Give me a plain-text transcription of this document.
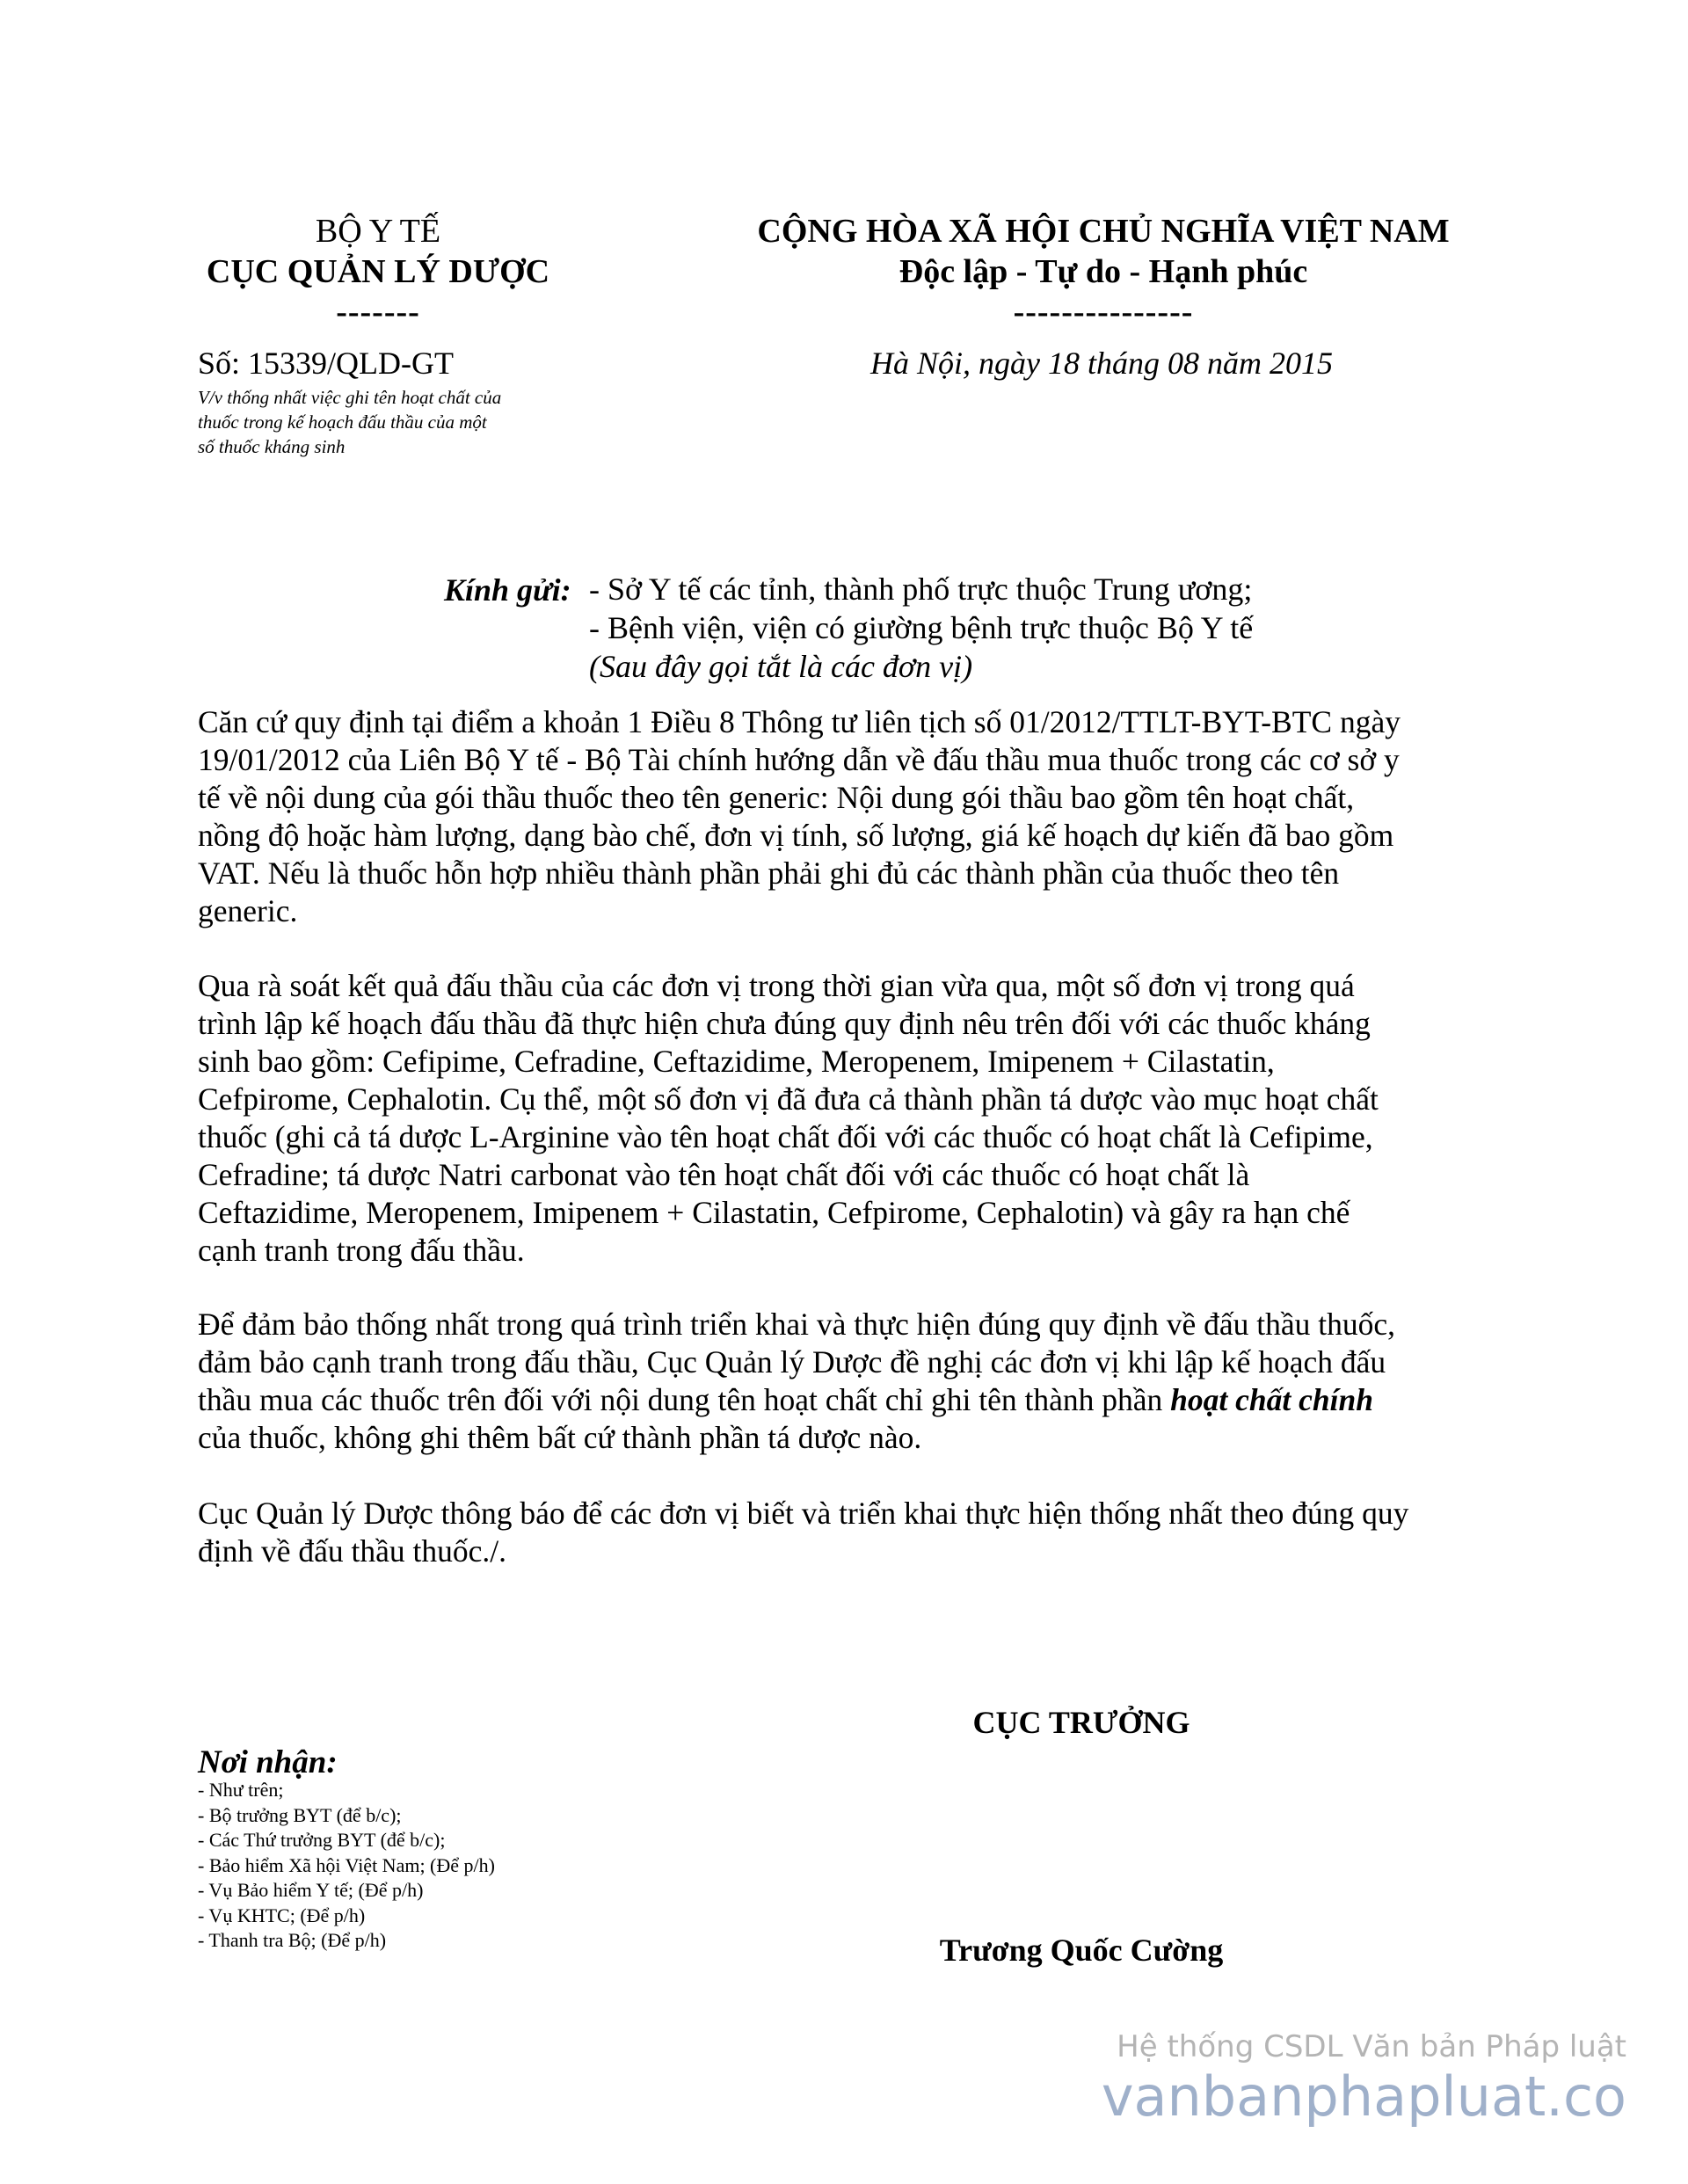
BỘ Y TẾ
CỤC QUẢN LÝ DƯỢC
-------
CỘNG HÒA XÃ HỘI CHỦ NGHĨA VIỆT NAM
Độc lập - Tự do - Hạnh phúc
---------------
Số: 15339/QLD-GT	Hà Nội, ngày 18 tháng 08 năm 2015
V/v thống nhất việc ghi tên hoạt chất của
thuốc trong kế hoạch đấu thầu của một
số thuốc kháng sinh
Kính gửi: - Sở Y tế các tỉnh, thành phố trực thuộc Trung ương;
- Bệnh viện, viện có giường bệnh trực thuộc Bộ Y tế
(Sau đây gọi tắt là các đơn vị)
Căn cứ quy định tại điểm a khoản 1 Điều 8 Thông tư liên tịch số 01/2012/TTLT-BYT-BTC ngày
19/01/2012 của Liên Bộ Y tế - Bộ Tài chính hướng dẫn về đấu thầu mua thuốc trong các cơ sở y
tế về nội dung của gói thầu thuốc theo tên generic: Nội dung gói thầu bao gồm tên hoạt chất,
nồng độ hoặc hàm lượng, dạng bào chế, đơn vị tính, số lượng, giá kế hoạch dự kiến đã bao gồm
VAT. Nếu là thuốc hỗn hợp nhiều thành phần phải ghi đủ các thành phần của thuốc theo tên
generic.
Qua rà soát kết quả đấu thầu của các đơn vị trong thời gian vừa qua, một số đơn vị trong quá
trình lập kế hoạch đấu thầu đã thực hiện chưa đúng quy định nêu trên đối với các thuốc kháng
sinh bao gồm: Cefipime, Cefradine, Ceftazidime, Meropenem, Imipenem + Cilastatin,
Cefpirome, Cephalotin. Cụ thể, một số đơn vị đã đưa cả thành phần tá dược vào mục hoạt chất
thuốc (ghi cả tá dược L-Arginine vào tên hoạt chất đối với các thuốc có hoạt chất là Cefipime,
Cefradine; tá dược Natri carbonat vào tên hoạt chất đối với các thuốc có hoạt chất là
Ceftazidime, Meropenem, Imipenem + Cilastatin, Cefpirome, Cephalotin) và gây ra hạn chế
cạnh tranh trong đấu thầu.
Để đảm bảo thống nhất trong quá trình triển khai và thực hiện đúng quy định về đấu thầu thuốc,
đảm bảo cạnh tranh trong đấu thầu, Cục Quản lý Dược đề nghị các đơn vị khi lập kế hoạch đấu
thầu mua các thuốc trên đối với nội dung tên hoạt chất chỉ ghi tên thành phần hoạt chất chính
của thuốc, không ghi thêm bất cứ thành phần tá dược nào.
Cục Quản lý Dược thông báo để các đơn vị biết và triển khai thực hiện thống nhất theo đúng quy
định về đấu thầu thuốc./.
CỤC TRƯỞNG
Trương Quốc Cường
Nơi nhận:
- Như trên;
- Bộ trưởng BYT (để b/c);
- Các Thứ trưởng BYT (để b/c);
- Bảo hiểm Xã hội Việt Nam; (Để p/h)
- Vụ Bảo hiểm Y tế; (Để p/h)
- Vụ KHTC; (Để p/h)
- Thanh tra Bộ; (Để p/h)
Hệ thống CSDL Văn bản Pháp luật
vanbanphapluat.co
